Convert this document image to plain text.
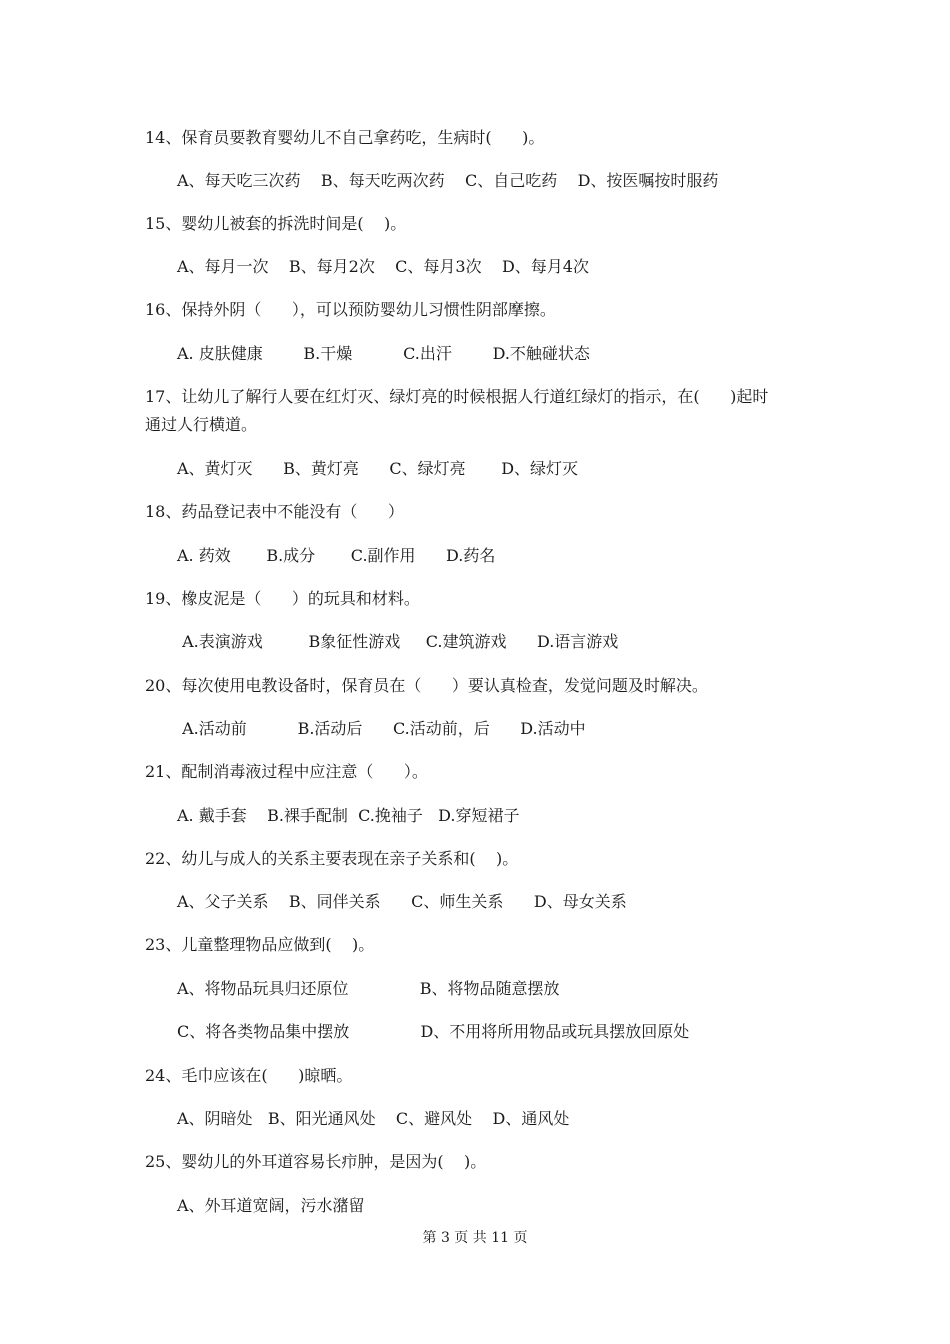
14、保育员要教育婴幼儿不自己拿药吃，生病时(      )。
A、每天吃三次药    B、每天吃两次药    C、自己吃药    D、按医嘱按时服药
15、婴幼儿被套的拆洗时间是(    )。
A、每月一次    B、每月2次    C、每月3次    D、每月4次
16、保持外阴（      ），可以预防婴幼儿习惯性阴部摩擦。
A. 皮肤健康        B.干燥          C.出汗        D.不触碰状态
17、让幼儿了解行人要在红灯灭、绿灯亮的时候根据人行道红绿灯的指示，在(      )起时
通过人行横道。
A、黄灯灭      B、黄灯亮      C、绿灯亮       D、绿灯灭
18、药品登记表中不能没有（      ）
A. 药效       B.成分       C.副作用      D.药名
19、橡皮泥是（      ）的玩具和材料。
A.表演游戏         B象征性游戏     C.建筑游戏      D.语言游戏
20、每次使用电教设备时，保育员在（      ）要认真检查，发觉问题及时解决。
A.活动前          B.活动后      C.活动前，后      D.活动中
21、配制消毒液过程中应注意（      ）。
A. 戴手套    B.裸手配制  C.挽袖子   D.穿短裙子
22、幼儿与成人的关系主要表现在亲子关系和(    )。
A、父子关系    B、同伴关系      C、师生关系      D、母女关系
23、儿童整理物品应做到(    )。
A、将物品玩具归还原位              B、将物品随意摆放
C、将各类物品集中摆放              D、不用将所用物品或玩具摆放回原处
24、毛巾应该在(      )晾晒。
A、阴暗处   B、阳光通风处    C、避风处    D、通风处
25、婴幼儿的外耳道容易长疖肿，是因为(    )。
A、外耳道宽阔，污水潴留
第 3 页 共 11 页
